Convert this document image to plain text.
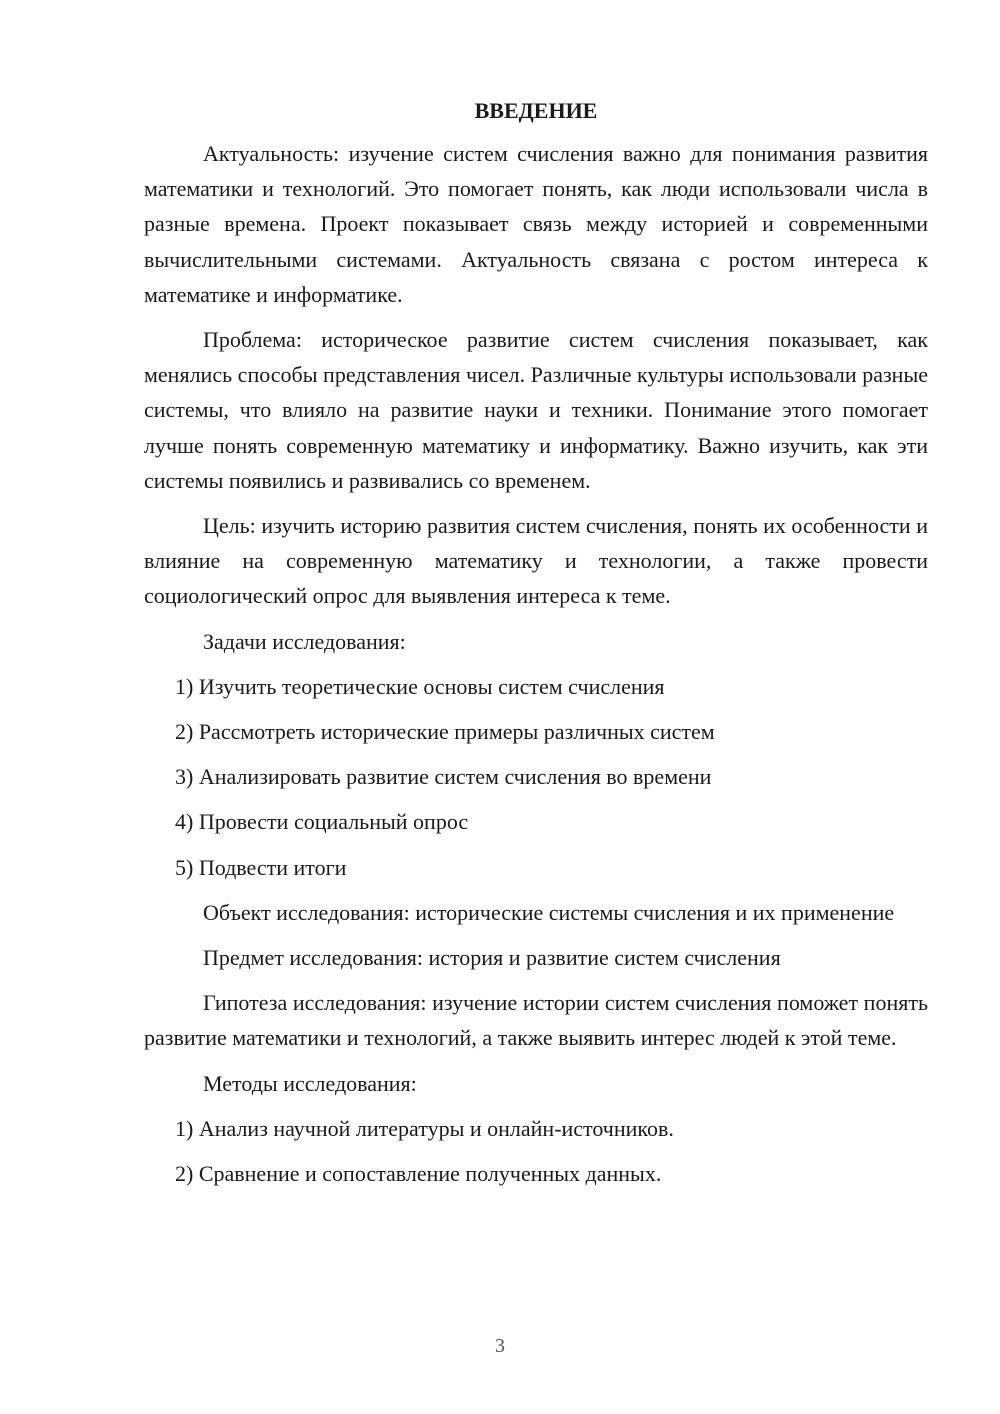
ВВЕДЕНИЕ

Актуальность: изучение систем счисления важно для понимания развития математики и технологий. Это помогает понять, как люди использовали числа в разные времена. Проект показывает связь между историей и современными вычислительными системами. Актуальность связана с ростом интереса к математике и информатике.

Проблема: историческое развитие систем счисления показывает, как менялись способы представления чисел. Различные культуры использовали разные системы, что влияло на развитие науки и техники. Понимание этого помогает лучше понять современную математику и информатику. Важно изучить, как эти системы появились и развивались со временем.

Цель: изучить историю развития систем счисления, понять их особенности и влияние на современную математику и технологии, а также провести социологический опрос для выявления интереса к теме.

Задачи исследования:

1) Изучить теоретические основы систем счисления

2) Рассмотреть исторические примеры различных систем

3) Анализировать развитие систем счисления во времени

4) Провести социальный опрос

5) Подвести итоги

Объект исследования: исторические системы счисления и их применение

Предмет исследования: история и развитие систем счисления

Гипотеза исследования: изучение истории систем счисления поможет понять развитие математики и технологий, а также выявить интерес людей к этой теме.

Методы исследования:

1) Анализ научной литературы и онлайн-источников.

2) Сравнение и сопоставление полученных данных.

3
